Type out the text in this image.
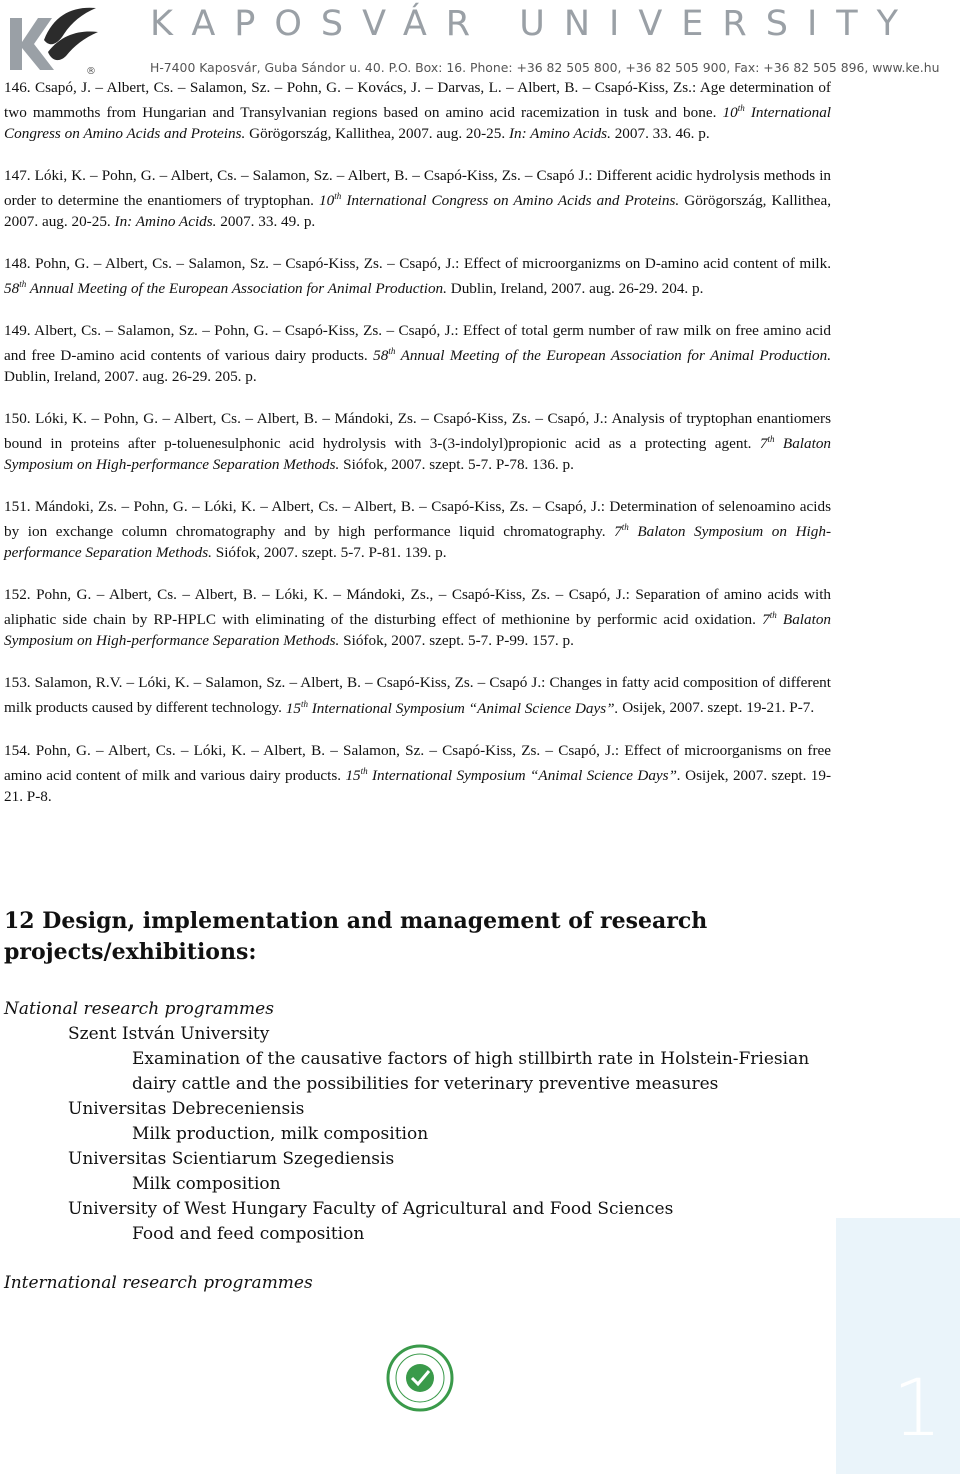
®
KAPOSVÁR UNIVERSITY
H-7400 Kaposvár, Guba Sándor u. 40. P.O. Box: 16. Phone: +36 82 505 800, +36 82 505 900, Fax: +36 82 505 896, www.ke.hu
146. Csapó, J. – Albert, Cs. – Salamon, Sz. – Pohn, G. – Kovács, J. – Darvas, L. – Albert, B. – Csapó-Kiss, Zs.: Age determination of two mammoths from Hungarian and Transylvanian regions based on amino acid racemization in tusk and bone. 10th International Congress on Amino Acids and Proteins. Görögország, Kallithea, 2007. aug. 20-25. In: Amino Acids. 2007. 33. 46. p.
147. Lóki, K. – Pohn, G. – Albert, Cs. – Salamon, Sz. – Albert, B. – Csapó-Kiss, Zs. – Csapó J.: Different acidic hydrolysis methods in order to determine the enantiomers of tryptophan. 10th International Congress on Amino Acids and Proteins. Görögország, Kallithea, 2007. aug. 20-25. In: Amino Acids. 2007. 33. 49. p.
148. Pohn, G. – Albert, Cs. – Salamon, Sz. – Csapó-Kiss, Zs. – Csapó, J.: Effect of microorganizms on D-amino acid content of milk. 58th Annual Meeting of the European Association for Animal Production. Dublin, Ireland, 2007. aug. 26-29. 204. p.
149. Albert, Cs. – Salamon, Sz. – Pohn, G. – Csapó-Kiss, Zs. – Csapó, J.: Effect of total germ number of raw milk on free amino acid and free D-amino acid contents of various dairy products. 58th Annual Meeting of the European Association for Animal Production. Dublin, Ireland, 2007. aug. 26-29. 205. p.
150. Lóki, K. – Pohn, G. – Albert, Cs. – Albert, B. – Mándoki, Zs. – Csapó-Kiss, Zs. – Csapó, J.: Analysis of tryptophan enantiomers bound in proteins after p-toluenesulphonic acid hydrolysis with 3-(3-indolyl)propionic acid as a protecting agent. 7th Balaton Symposium on High-performance Separation Methods. Siófok, 2007. szept. 5-7. P-78. 136. p.
151. Mándoki, Zs. – Pohn, G. – Lóki, K. – Albert, Cs. – Albert, B. – Csapó-Kiss, Zs. – Csapó, J.: Determination of selenoamino acids by ion exchange column chromatography and by high performance liquid chromatography. 7th Balaton Symposium on High-performance Separation Methods. Siófok, 2007. szept. 5-7. P-81. 139. p.
152. Pohn, G. – Albert, Cs. – Albert, B. – Lóki, K. – Mándoki, Zs., – Csapó-Kiss, Zs. – Csapó, J.: Separation of amino acids with aliphatic side chain by RP-HPLC with eliminating of the disturbing effect of methionine by performic acid oxidation. 7th Balaton Symposium on High-performance Separation Methods. Siófok, 2007. szept. 5-7. P-99. 157. p.
153. Salamon, R.V. – Lóki, K. – Salamon, Sz. – Albert, B. – Csapó-Kiss, Zs. – Csapó J.: Changes in fatty acid composition of different milk products caused by different technology. 15th International Symposium “Animal Science Days”. Osijek, 2007. szept. 19-21. P-7.
154. Pohn, G. – Albert, Cs. – Lóki, K. – Albert, B. – Salamon, Sz. – Csapó-Kiss, Zs. – Csapó, J.: Effect of microorganisms on free amino acid content of milk and various dairy products. 15th International Symposium “Animal Science Days”. Osijek, 2007. szept. 19-21. P-8.
12 Design, implementation and management of research projects/exhibitions:
National research programmes
Szent István University
Examination of the causative factors of high stillbirth rate in Holstein-Friesian dairy cattle and the possibilities for veterinary preventive measures
Universitas Debreceniensis
Milk production, milk composition
Universitas Scientiarum Szegediensis
Milk composition
University of West Hungary Faculty of Agricultural and Food Sciences
Food and feed composition
International research programmes
1
